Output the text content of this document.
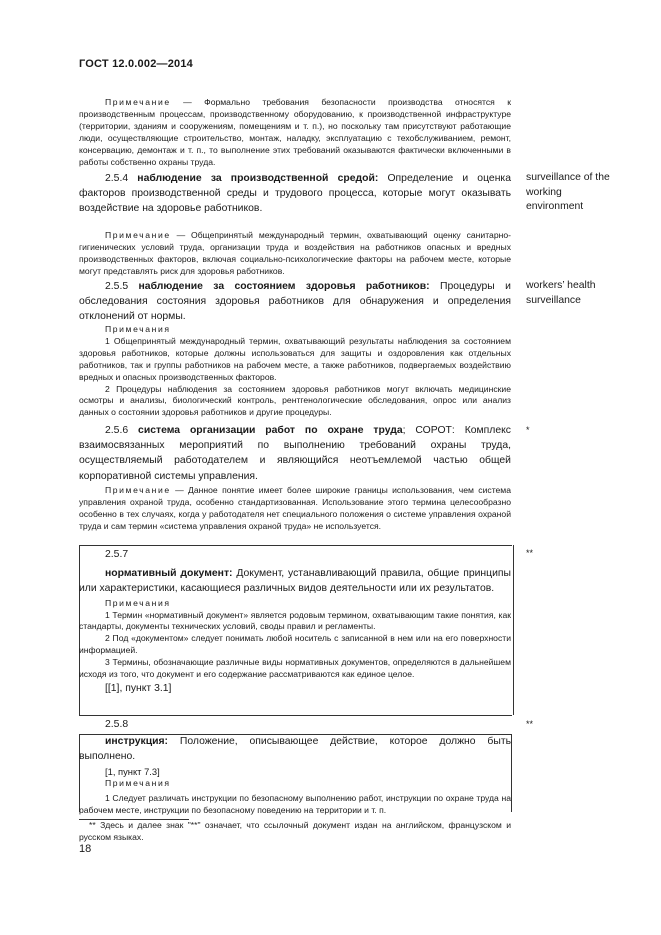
ГОСТ 12.0.002—2014

Примечание — Формально требования безопасности производства относятся к производственным процессам, производственному оборудованию, к производственной инфраструктуре (территории, зданиям и сооружениям, помещениям и т. п.), но поскольку там присутствуют работающие люди, осуществляющие строительство, монтаж, наладку, эксплуатацию с техобслуживанием, ремонт, консервацию, демонтаж и т. п., то выполнение этих требований оказываются фактически включенными в работы собственно охраны труда.

2.5.4 наблюдение за производственной средой: Определение и оценка факторов производственной среды и трудового процесса, которые могут оказывать воздействие на здоровье работников.

surveillance of the working environment

Примечание — Общепринятый международный термин, охватывающий оценку санитарно-гигиенических условий труда, организации труда и воздействия на работников опасных и вредных производственных факторов, включая социально-психологические факторы на рабочем месте, которые могут представлять риск для здоровья работников.

2.5.5 наблюдение за состоянием здоровья работников: Процедуры и обследования состояния здоровья работников для обнаружения и определения отклонений от нормы.

workers’ health surveillance

Примечания

1 Общепринятый международный термин, охватывающий результаты наблюдения за состоянием здоровья работников, которые должны использоваться для защиты и оздоровления как отдельных работников, так и группы работников на рабочем месте, а также работников, подвергаемых воздействию вредных и опасных производственных факторов.

2 Процедуры наблюдения за состоянием здоровья работников могут включать медицинские осмотры и анализы, биологический контроль, рентгенологические обследования, опрос или анализ данных о состоянии здоровья работников и другие процедуры.

2.5.6 система организации работ по охране труда; СОРОТ: Комплекс взаимосвязанных мероприятий по выполнению требований охраны труда, осуществляемый работодателем и являющийся неотъемлемой частью общей корпоративной системы управления.

*

Примечание — Данное понятие имеет более широкие границы использования, чем система управления охраной труда, особенно стандартизованная. Использование этого термина целесообразно особенно в тех случаях, когда у работодателя нет специального положения о системе управления охраной труда и сам термин «система управления охраной труда» не используется.

2.5.7

нормативный документ: Документ, устанавливающий правила, общие принципы или характеристики, касающиеся различных видов деятельности или их результатов.

Примечания

1 Термин «нормативный документ» является родовым термином, охватывающим такие понятия, как стандарты, документы технических условий, своды правил и регламенты.

2 Под «документом» следует понимать любой носитель с записанной в нем или на его поверхности информацией.

3 Термины, обозначающие различные виды нормативных документов, определяются в дальнейшем исходя из того, что документ и его содержание рассматриваются как единое целое.

[[1], пункт 3.1]

**

2.5.8

инструкция: Положение, описывающее действие, которое должно быть выполнено.

[1, пункт 7.3]

Примечания

1 Следует различать инструкции по безопасному выполнению работ, инструкции по охране труда на рабочем месте, инструкции по безопасному поведению на территории и т. п.

**
** Здесь и далее знак "**" означает, что ссылочный документ издан на английском, французском и русском языках.
18
